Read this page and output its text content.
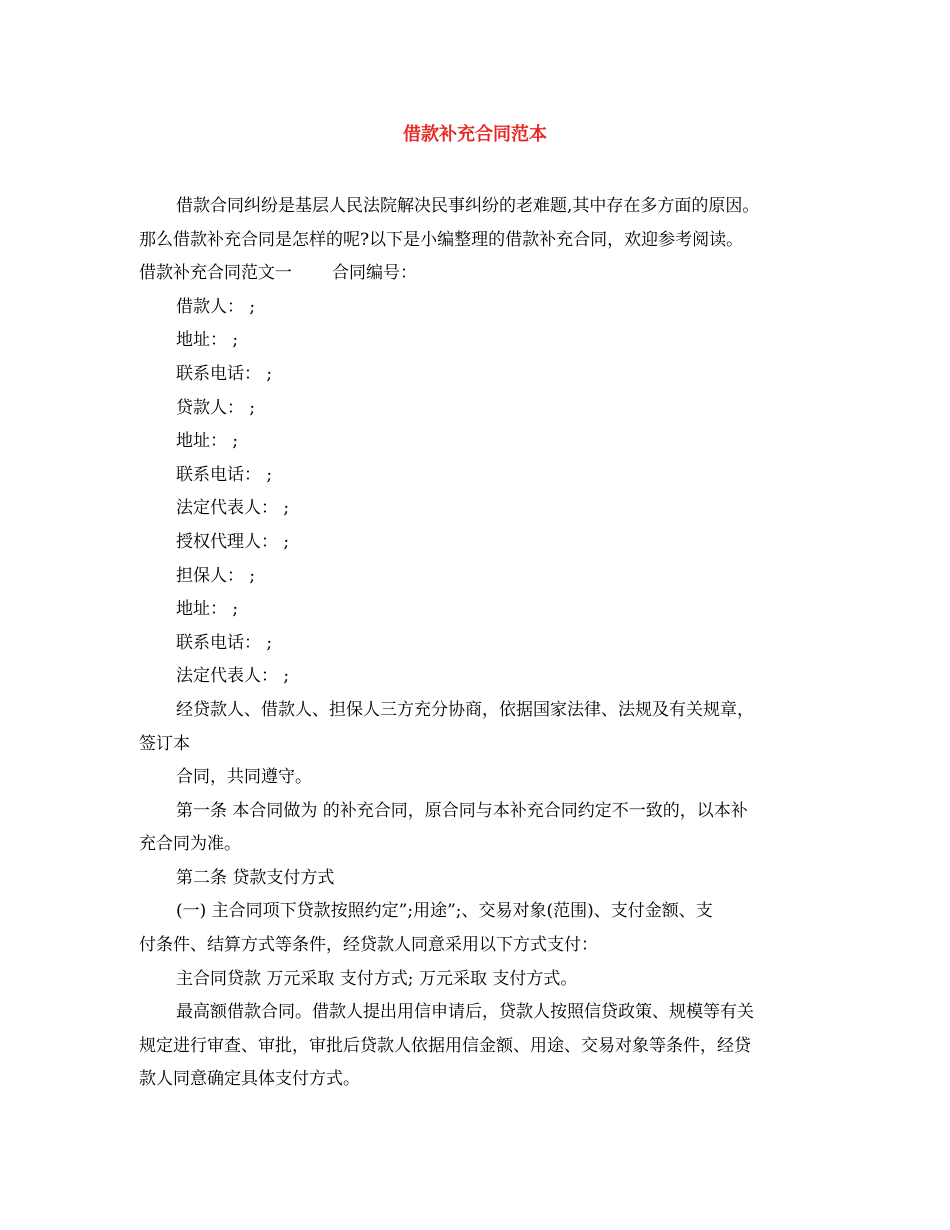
借款补充合同范本
借款合同纠纷是基层人民法院解决民事纠纷的老难题,其中存在多方面的原因。
那么借款补充合同是怎样的呢?以下是小编整理的借款补充合同，欢迎参考阅读。
借款补充合同范文一 合同编号：
借款人： ;
地址： ;
联系电话： ;
贷款人： ;
地址： ;
联系电话： ;
法定代表人： ;
授权代理人： ;
担保人： ;
地址： ;
联系电话： ;
法定代表人： ;
经贷款人、借款人、担保人三方充分协商，依据国家法律、法规及有关规章，
签订本
合同，共同遵守。
第一条 本合同做为 的补充合同，原合同与本补充合同约定不一致的，以本补
充合同为准。
第二条 贷款支付方式
(一) 主合同项下贷款按照约定”;用途”;、交易对象(范围)、支付金额、支
付条件、结算方式等条件，经贷款人同意采用以下方式支付：
主合同贷款 万元采取 支付方式; 万元采取 支付方式。
最高额借款合同。借款人提出用信申请后，贷款人按照信贷政策、规模等有关
规定进行审查、审批，审批后贷款人依据用信金额、用途、交易对象等条件，经贷
款人同意确定具体支付方式。
